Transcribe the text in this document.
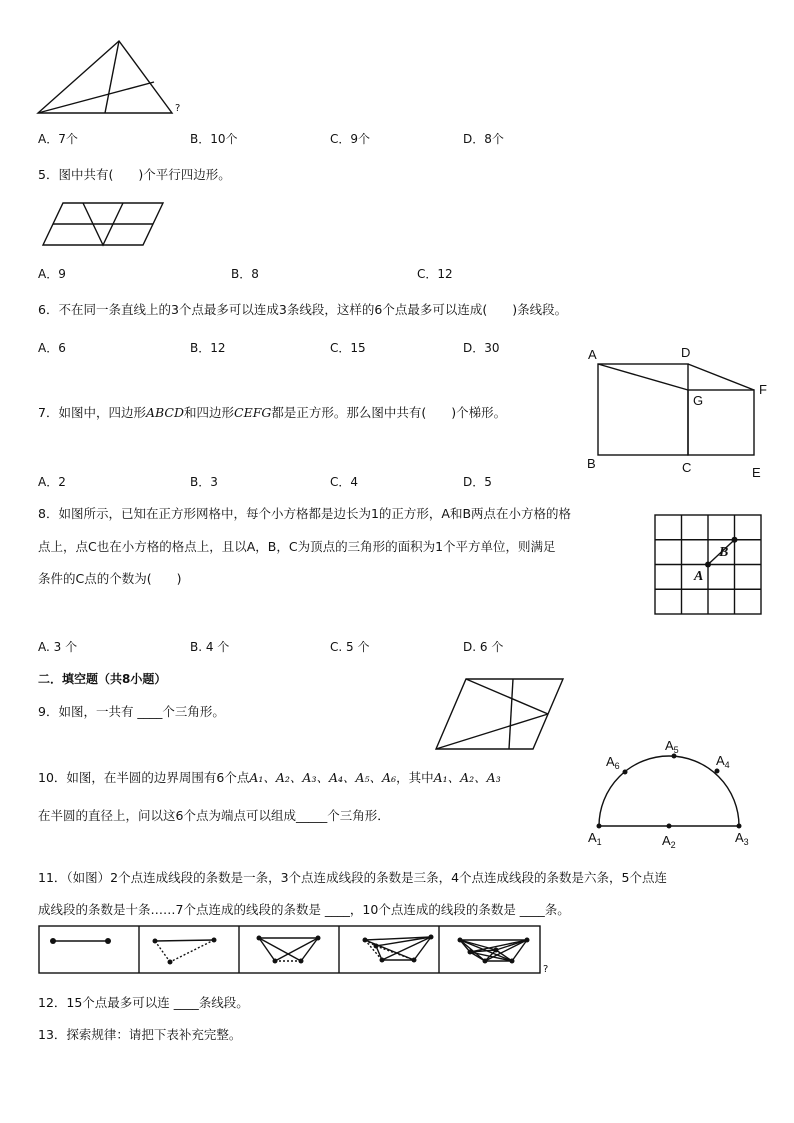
?
A．7个	B．10个	C．9个	D．8个
5．图中共有(　　)个平行四边形。
A．9	B．8	C．12
6．不在同一条直线上的3个点最多可以连成3条线段，这样的6个点最多可以连成(　　)条线段。
A．6	B．12	C．15	D．30	A	D
F
G
B	C	E
7．如图中，四边形ABCD和四边形CEFG都是正方形。那么图中共有(　　)个梯形。
A．2	B．3	C．4	D．5
8．如图所示，已知在正方形网格中，每个小方格都是边长为1的正方形，A和B两点在小方格的格
点上，点C也在小方格的格点上，且以A，B，C为顶点的三角形的面积为1个平方单位，则满足
条件的C点的个数为(　　)	A
B
A. 3 个	B. 4 个	C. 5 个	D. 6 个
二．填空题（共8小题）
9．如图，一共有 ____个三角形。
10．如图，在半圆的边界周围有6个点A₁、A₂、A₃、A₄、A₅、A₆，其中A₁、A₂、A₃
在半圆的直径上，问以这6个点为端点可以组成_____个三角形．
$A_6$
$A_5$
$A_4$
$A_1$	$A_2$	$A_3$
11．（如图）2个点连成线段的条数是一条，3个点连成线段的条数是三条，4个点连成线段的条数是六条，5个点连
成线段的条数是十条……7个点连成的线段的条数是 ____，10个点连成的线段的条数是 ____条。
?
12．15个点最多可以连 ____条线段。
13．探索规律：请把下表补充完整。
